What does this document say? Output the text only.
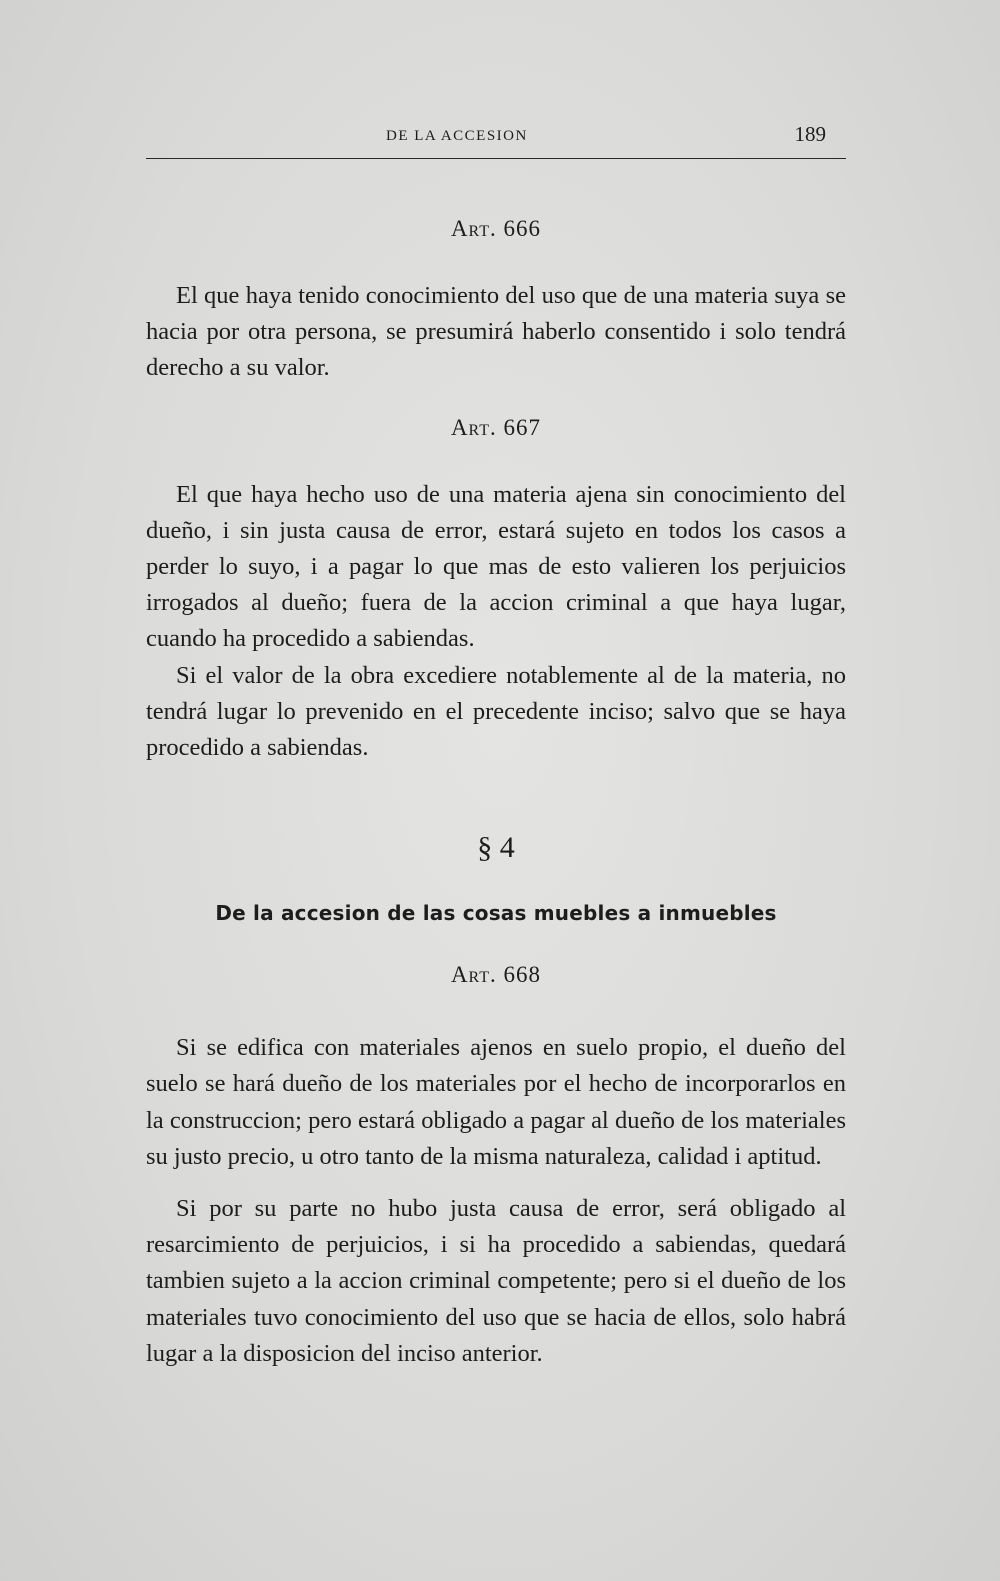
DE LA ACCESION	189
Art. 666

El que haya tenido conocimiento del uso que de una materia suya se hacia por otra persona, se presumirá haberlo consentido i solo tendrá derecho a su valor.

Art. 667

El que haya hecho uso de una materia ajena sin conocimiento del dueño, i sin justa causa de error, estará sujeto en todos los casos a perder lo suyo, i a pagar lo que mas de esto valieren los perjuicios irrogados al dueño; fuera de la accion criminal a que haya lugar, cuando ha procedido a sabiendas.

Si el valor de la obra excediere notablemente al de la materia, no tendrá lugar lo prevenido en el precedente inciso; salvo que se haya procedido a sabiendas.

§ 4
De la accesion de las cosas muebles a inmuebles
Art. 668

Si se edifica con materiales ajenos en suelo propio, el dueño del suelo se hará dueño de los materiales por el hecho de incorporarlos en la construccion; pero estará obligado a pagar al dueño de los materiales su justo precio, u otro tanto de la misma naturaleza, calidad i aptitud.

Si por su parte no hubo justa causa de error, será obligado al resarcimiento de perjuicios, i si ha procedido a sabiendas, quedará tambien sujeto a la accion criminal competente; pero si el dueño de los materiales tuvo conocimiento del uso que se hacia de ellos, solo habrá lugar a la disposicion del inciso anterior.
